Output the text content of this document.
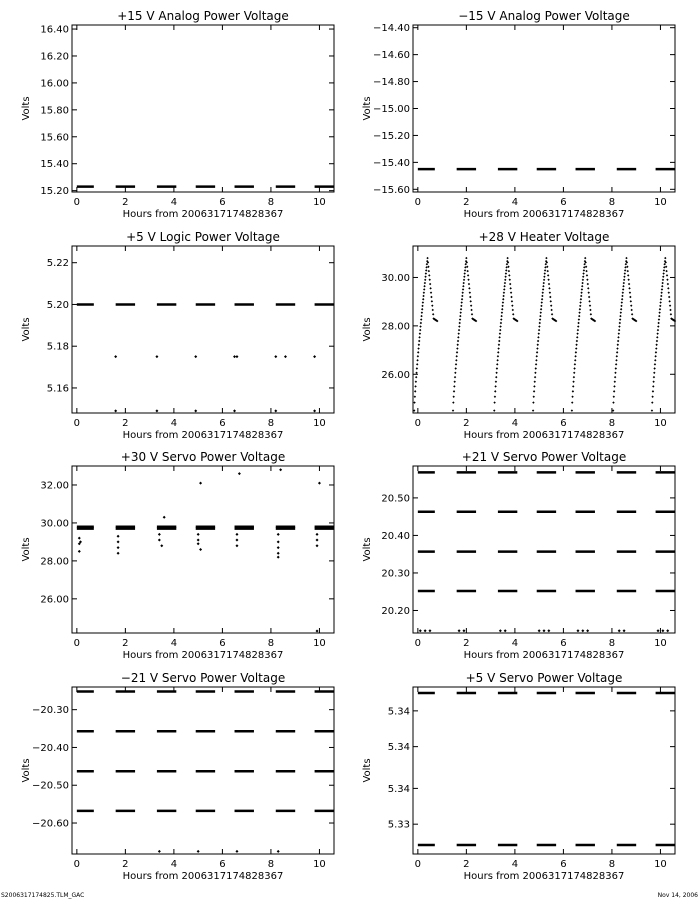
+15 V Analog Power Voltage
0	2	4	6	8	10
Hours from 2006317174828367
15.20
15.40
15.60
15.80
16.00
16.20
16.40
Volts
−15 V Analog Power Voltage
0	2	4	6	8	10
Hours from 2006317174828367
−15.60
−15.40
−15.20
−15.00
−14.80
−14.60
−14.40
Volts
+5 V Logic Power Voltage
0	2	4	6	8	10
Hours from 2006317174828367
5.16
5.18
5.20
5.22
Volts
+28 V Heater Voltage
0	2	4	6	8	10
Hours from 2006317174828367
26.00
28.00
30.00
Volts
+30 V Servo Power Voltage
0	2	4	6	8	10
Hours from 2006317174828367
26.00
28.00
30.00
32.00
Volts
+21 V Servo Power Voltage
0	2	4	6	8	10
Hours from 2006317174828367
20.20
20.30
20.40
20.50
Volts
−21 V Servo Power Voltage
0	2	4	6	8	10
Hours from 2006317174828367
−20.60
−20.50
−20.40
−20.30
Volts
+5 V Servo Power Voltage
0	2	4	6	8	10
Hours from 2006317174828367
5.33
5.34
5.34
5.34
Volts
S2006317174825.TLM_GAC	Nov 14, 2006
